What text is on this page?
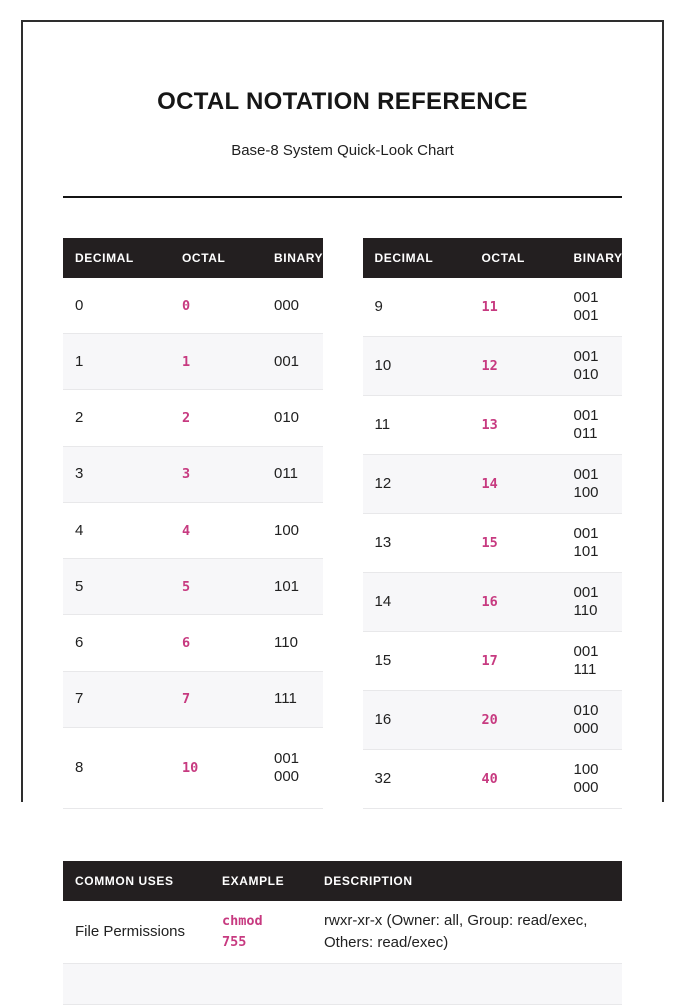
OCTAL NOTATION REFERENCE
Base-8 System Quick-Look Chart
DECIMAL	OCTAL	BINARY
0	0	000
1	1	001
2	2	010
3	3	011
4	4	100
5	5	101
6	6	110
7	7	111
8	10	001 000
DECIMAL	OCTAL	BINARY
9	11	001 001
10	12	001 010
11	13	001 011
12	14	001 100
13	15	001 101
14	16	001 110
15	17	001 111
16	20	010 000
32	40	100 000
COMMON USES	EXAMPLE	DESCRIPTION
File Permissions	chmod 755	rwxr-xr-x (Owner: all, Group: read/exec, Others: read/exec)
